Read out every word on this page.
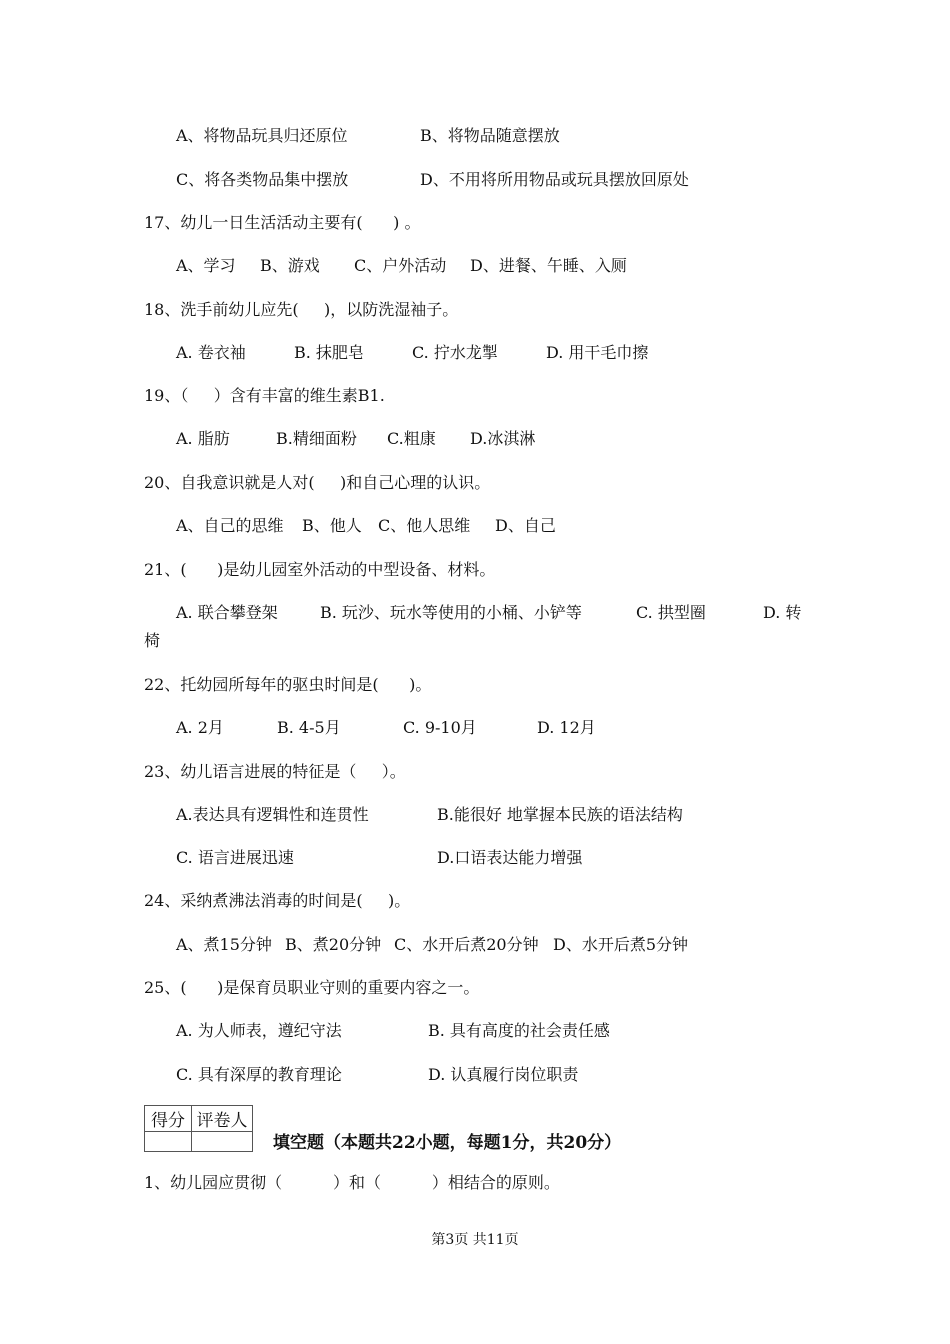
A、将物品玩具归还原位	B、将物品随意摆放
C、将各类物品集中摆放	D、不用将所用物品或玩具摆放回原处
17、幼儿一日生活活动主要有(      ) 。
A、学习 B、游戏 C、户外活动 D、进餐、午睡、入厕
18、洗手前幼儿应先(     )，以防洗湿袖子。
A. 卷衣袖	B. 抹肥皂	C. 拧水龙掣	D. 用干毛巾擦
19、（     ）含有丰富的维生素B1.
A. 脂肪	B.精细面粉 C.粗康 D.冰淇淋
20、自我意识就是人对(     )和自己心理的认识。
A、自己的思维 B、他人 C、他人思维 D、自己
21、(      )是幼儿园室外活动的中型设备、材料。
A. 联合攀登架	B. 玩沙、玩水等使用的小桶、小铲等	C. 拱型圈	D. 转
椅
22、托幼园所每年的驱虫时间是(      )。
A. 2月	B. 4-5月	C. 9-10月	D. 12月
23、幼儿语言进展的特征是（     ）。
A.表达具有逻辑性和连贯性	B.能很好 地掌握本民族的语法结构
C. 语言进展迅速	D.口语表达能力增强
24、采纳煮沸法消毒的时间是(     )。
A、煮15分钟 B、煮20分钟 C、水开后煮20分钟 D、水开后煮5分钟
25、(      )是保育员职业守则的重要内容之一。
A. 为人师表，遵纪守法	B. 具有高度的社会责任感
C. 具有深厚的教育理论	D. 认真履行岗位职责
得分	评卷人

填空题（本题共22小题，每题1分，共20分）
1、幼儿园应贯彻（          ）和（          ）相结合的原则。
第3页 共11页
